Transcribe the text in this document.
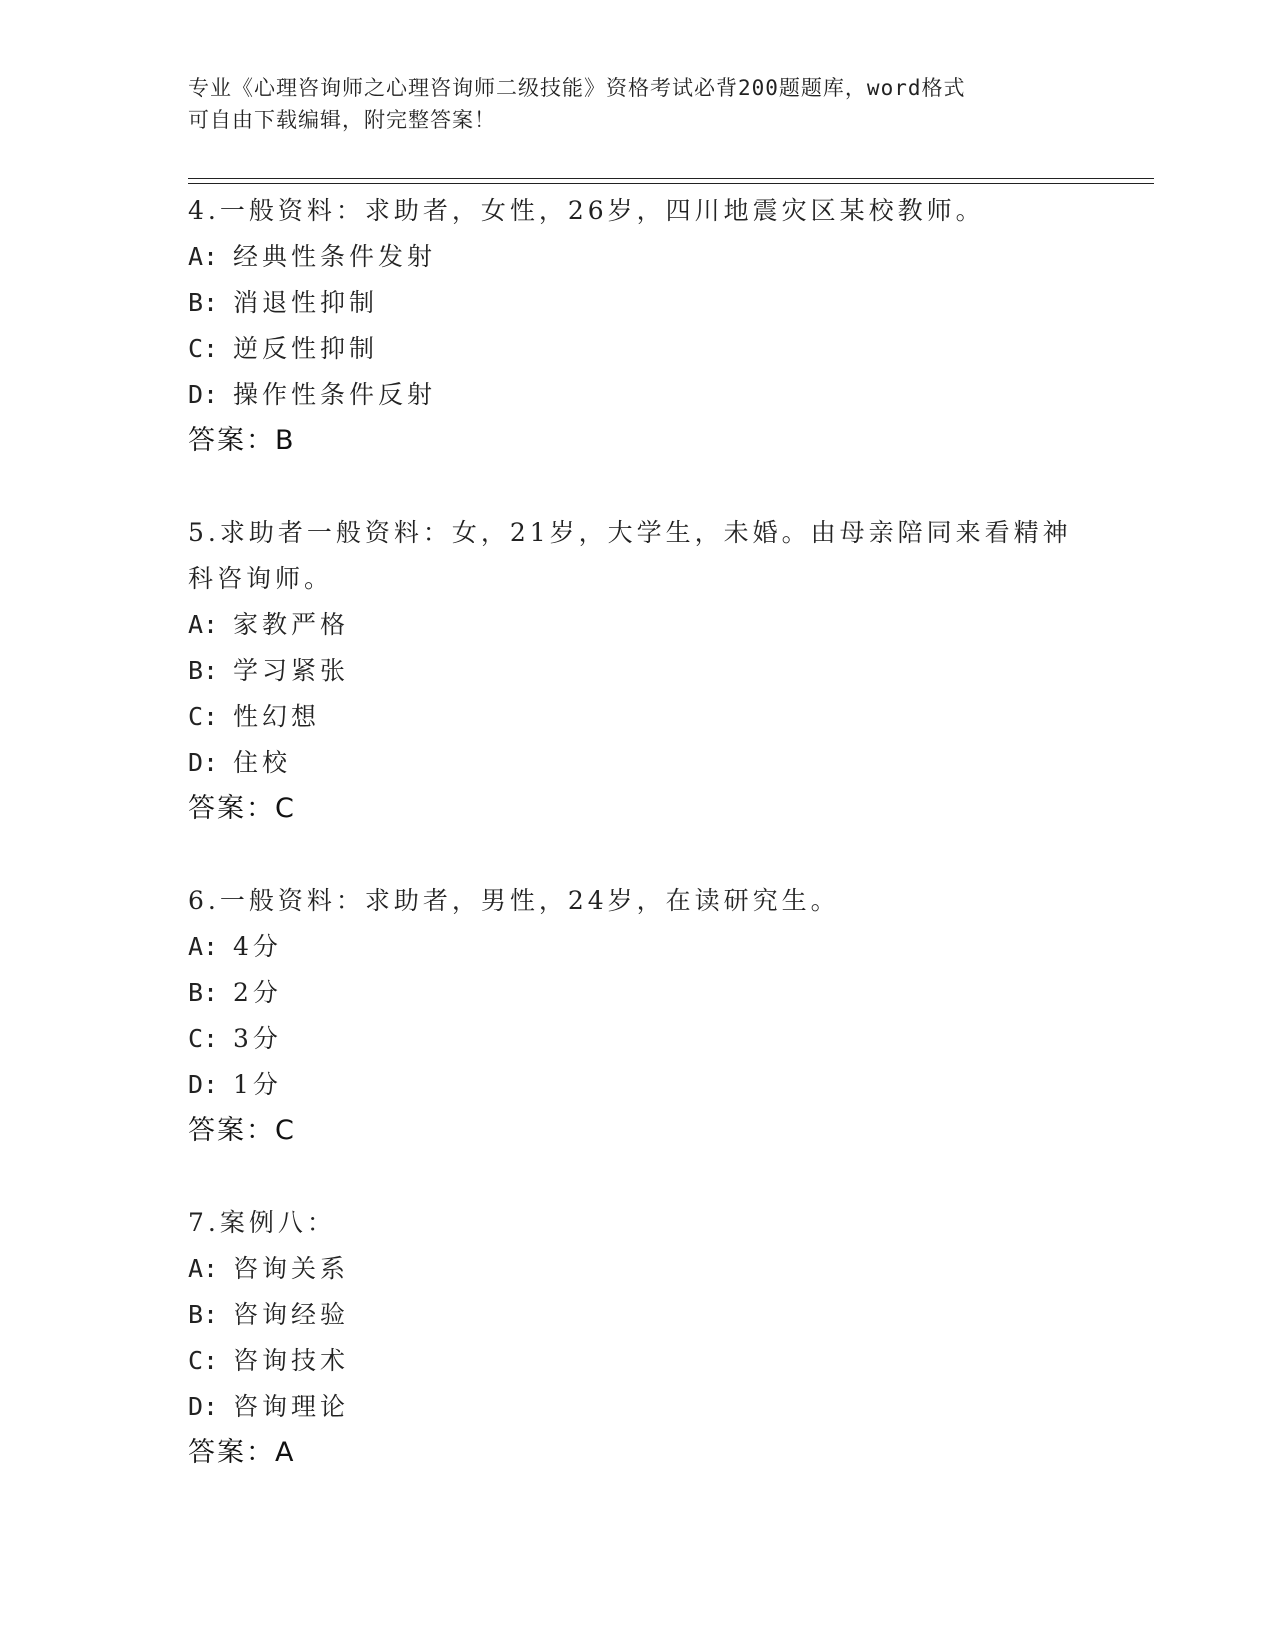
专业《心理咨询师之心理咨询师二级技能》资格考试必背200题题库，word格式
可自由下载编辑，附完整答案！
4.一般资料：求助者，女性，26岁，四川地震灾区某校教师。
A: 经典性条件发射
B: 消退性抑制
C: 逆反性抑制
D: 操作性条件反射
答案：B
5.求助者一般资料：女，21岁，大学生，未婚。由母亲陪同来看精神科咨询师。
A: 家教严格
B: 学习紧张
C: 性幻想
D: 住校
答案：C
6.一般资料：求助者，男性，24岁，在读研究生。
A: 4分
B: 2分
C: 3分
D: 1分
答案：C
7.案例八：
A: 咨询关系
B: 咨询经验
C: 咨询技术
D: 咨询理论
答案：A
